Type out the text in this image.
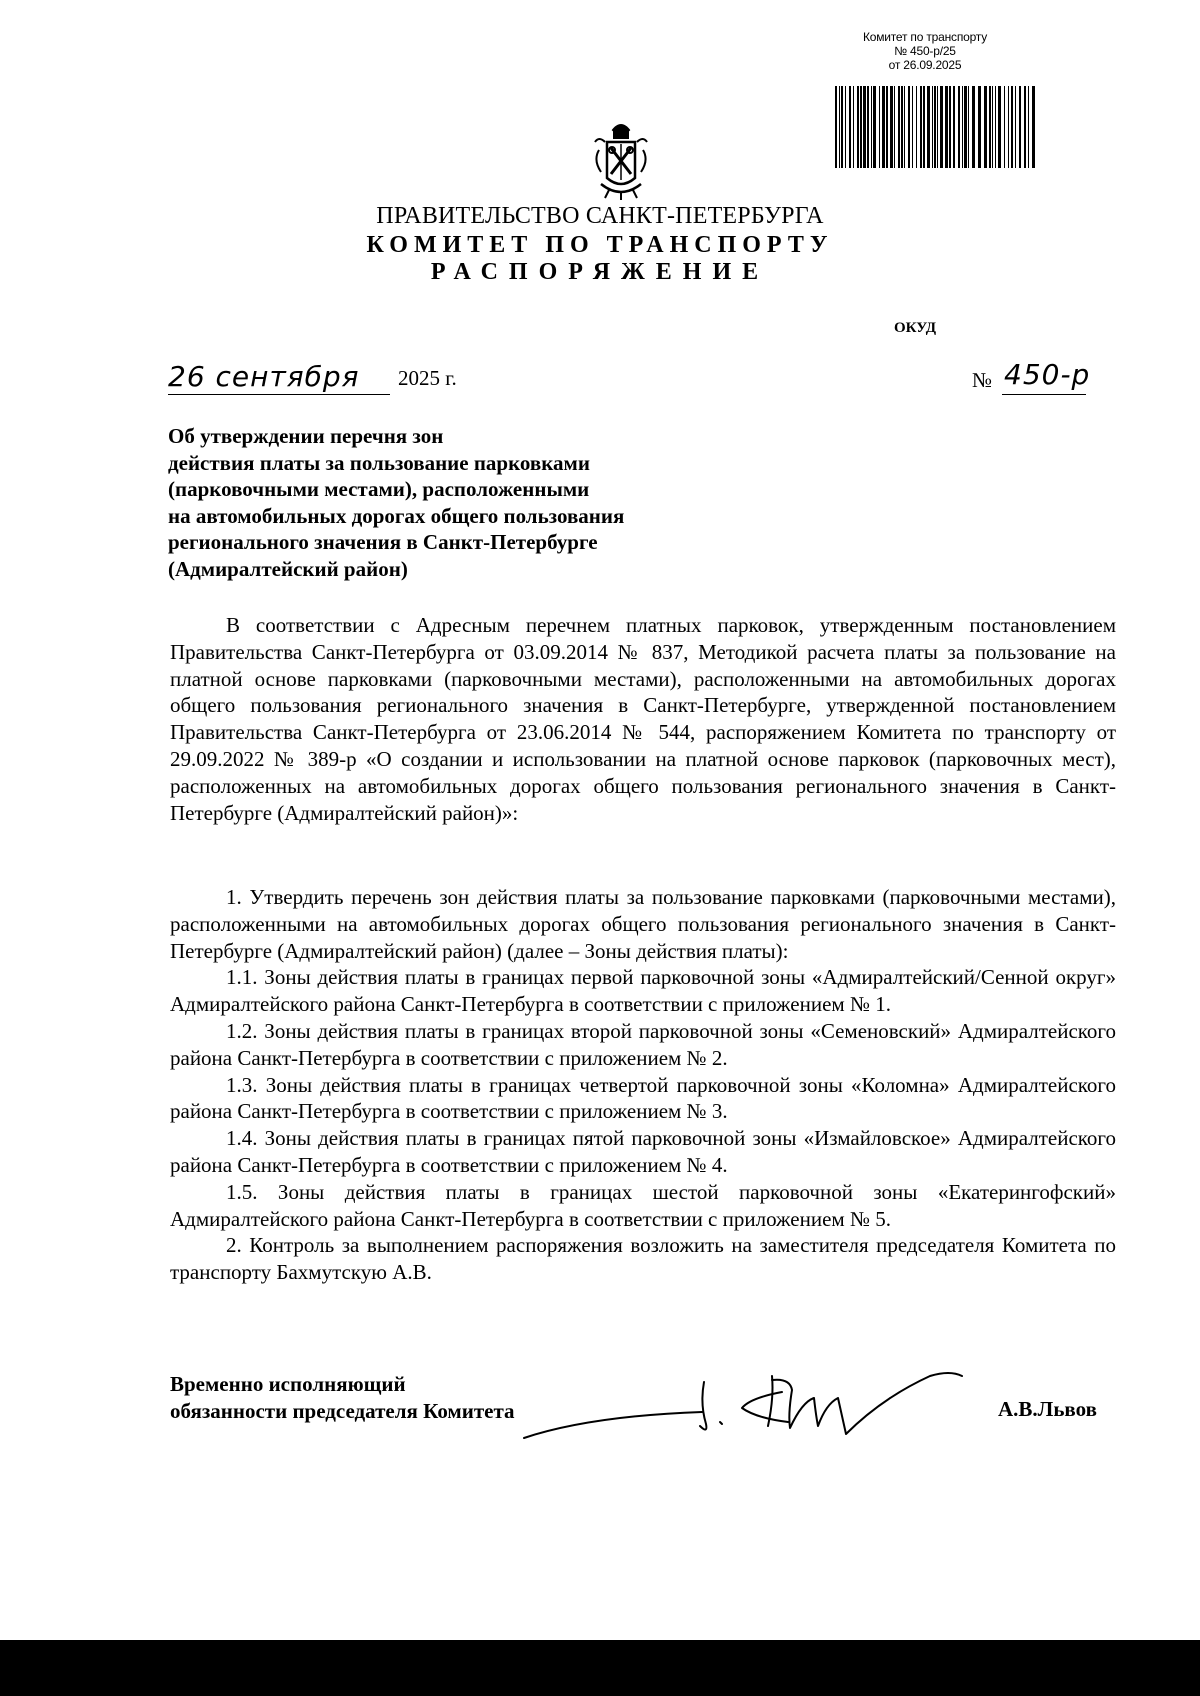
Комитет по транспорту
№ 450-р/25
от 26.09.2025
ПРАВИТЕЛЬСТВО САНКТ-ПЕТЕРБУРГА
КОМИТЕТ ПО ТРАНСПОРТУ
РАСПОРЯЖЕНИЕ
ОКУД
26 сентября 2025 г.	№ 450-р
Об утверждении перечня зон
действия платы за пользование парковками
(парковочными местами), расположенными
на автомобильных дорогах общего пользования
регионального значения в Санкт-Петербурге
(Адмиралтейский район)
В соответствии с Адресным перечнем платных парковок, утвержденным постановлением Правительства Санкт-Петербурга от 03.09.2014 № 837, Методикой расчета платы за пользование на платной основе парковками (парковочными местами), расположенными на автомобильных дорогах общего пользования регионального значения в Санкт-Петербурге, утвержденной постановлением Правительства Санкт-Петербурга от 23.06.2014 № 544, распоряжением Комитета по транспорту от 29.09.2022 № 389-р «О создании и использовании на платной основе парковок (парковочных мест), расположенных на автомобильных дорогах общего пользования регионального значения в Санкт-Петербурге (Адмиралтейский район)»:

1. Утвердить перечень зон действия платы за пользование парковками (парковочными местами), расположенными на автомобильных дорогах общего пользования регионального значения в Санкт-Петербурге (Адмиралтейский район) (далее – Зоны действия платы):

1.1. Зоны действия платы в границах первой парковочной зоны «Адмиралтейский/Сенной округ» Адмиралтейского района Санкт-Петербурга в соответствии с приложением № 1.

1.2. Зоны действия платы в границах второй парковочной зоны «Семеновский» Адмиралтейского района Санкт-Петербурга в соответствии с приложением № 2.

1.3. Зоны действия платы в границах четвертой парковочной зоны «Коломна» Адмиралтейского района Санкт-Петербурга в соответствии с приложением № 3.

1.4. Зоны действия платы в границах пятой парковочной зоны «Измайловское» Адмиралтейского района Санкт-Петербурга в соответствии с приложением № 4.

1.5. Зоны действия платы в границах шестой парковочной зоны «Екатерингофский» Адмиралтейского района Санкт-Петербурга в соответствии с приложением № 5.

2. Контроль за выполнением распоряжения возложить на заместителя председателя Комитета по транспорту Бахмутскую А.В.

Временно исполняющий
обязанности председателя Комитета	А.В.Львов
